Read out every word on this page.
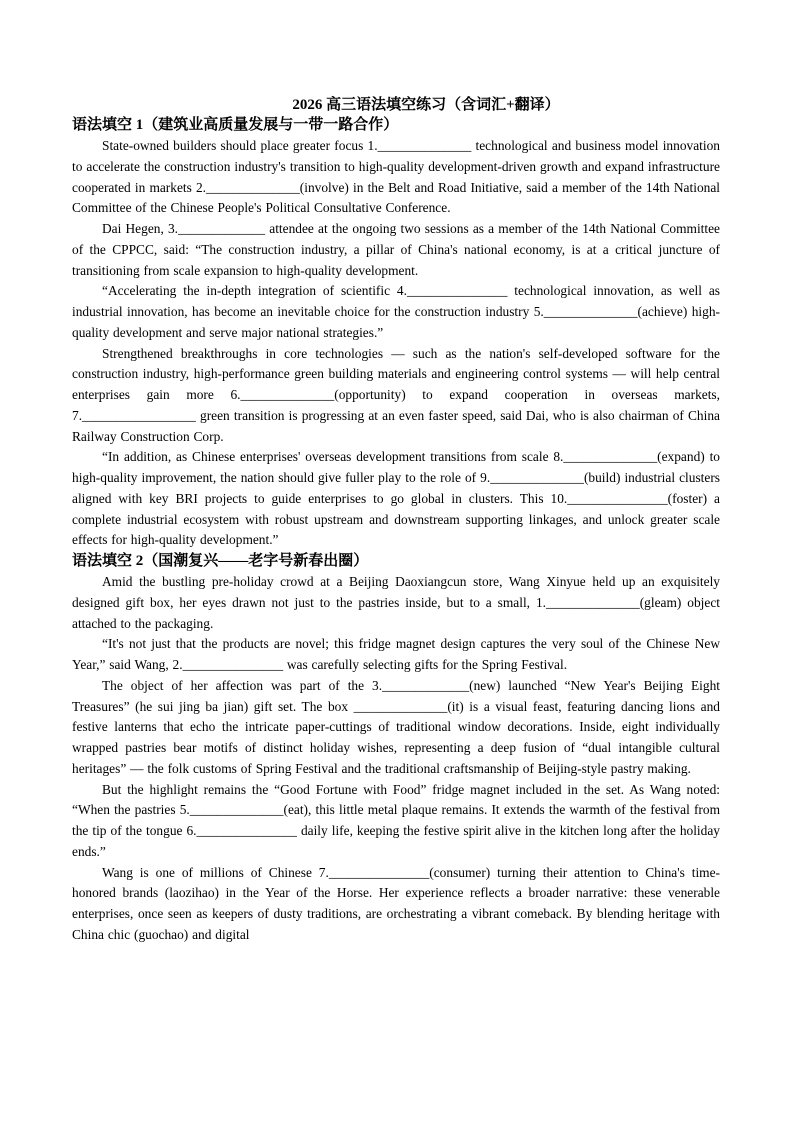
2026 高三语法填空练习（含词汇+翻译）
语法填空 1（建筑业高质量发展与一带一路合作）

State-owned builders should place greater focus 1.______________ technological and business model innovation to accelerate the construction industry's transition to high-quality development-driven growth and expand infrastructure cooperated in markets 2.______________(involve) in the Belt and Road Initiative, said a member of the 14th National Committee of the Chinese People's Political Consultative Conference.

Dai Hegen, 3._____________ attendee at the ongoing two sessions as a member of the 14th National Committee of the CPPCC, said: “The construction industry, a pillar of China's national economy, is at a critical juncture of transitioning from scale expansion to high-quality development.

“Accelerating the in-depth integration of scientific 4._______________ technological innovation, as well as industrial innovation, has become an inevitable choice for the construction industry 5.______________(achieve) high-quality development and serve major national strategies.”

Strengthened breakthroughs in core technologies — such as the nation's self-developed software for the construction industry, high-performance green building materials and engineering control systems — will help central enterprises gain more 6.______________(opportunity) to expand cooperation in overseas markets, 7._________________ green transition is progressing at an even faster speed, said Dai, who is also chairman of China Railway Construction Corp.

“In addition, as Chinese enterprises' overseas development transitions from scale 8.______________(expand) to high-quality improvement, the nation should give fuller play to the role of 9.______________(build) industrial clusters aligned with key BRI projects to guide enterprises to go global in clusters. This 10._______________(foster) a complete industrial ecosystem with robust upstream and downstream supporting linkages, and unlock greater scale effects for high-quality development.”

语法填空 2（国潮复兴——老字号新春出圈）

Amid the bustling pre-holiday crowd at a Beijing Daoxiangcun store, Wang Xinyue held up an exquisitely designed gift box, her eyes drawn not just to the pastries inside, but to a small, 1.______________(gleam) object attached to the packaging.

“It's not just that the products are novel; this fridge magnet design captures the very soul of the Chinese New Year,” said Wang, 2._______________ was carefully selecting gifts for the Spring Festival.

The object of her affection was part of the 3._____________(new) launched “New Year's Beijing Eight Treasures” (he sui jing ba jian) gift set. The box ______________(it) is a visual feast, featuring dancing lions and festive lanterns that echo the intricate paper-cuttings of traditional window decorations. Inside, eight individually wrapped pastries bear motifs of distinct holiday wishes, representing a deep fusion of “dual intangible cultural heritages” — the folk customs of Spring Festival and the traditional craftsmanship of Beijing-style pastry making.

But the highlight remains the “Good Fortune with Food” fridge magnet included in the set. As Wang noted: “When the pastries 5.______________(eat), this little metal plaque remains. It extends the warmth of the festival from the tip of the tongue 6._______________ daily life, keeping the festive spirit alive in the kitchen long after the holiday ends.”

Wang is one of millions of Chinese 7._______________(consumer) turning their attention to China's time-honored brands (laozihao) in the Year of the Horse. Her experience reflects a broader narrative: these venerable enterprises, once seen as keepers of dusty traditions, are orchestrating a vibrant comeback. By blending heritage with China chic (guochao) and digital
